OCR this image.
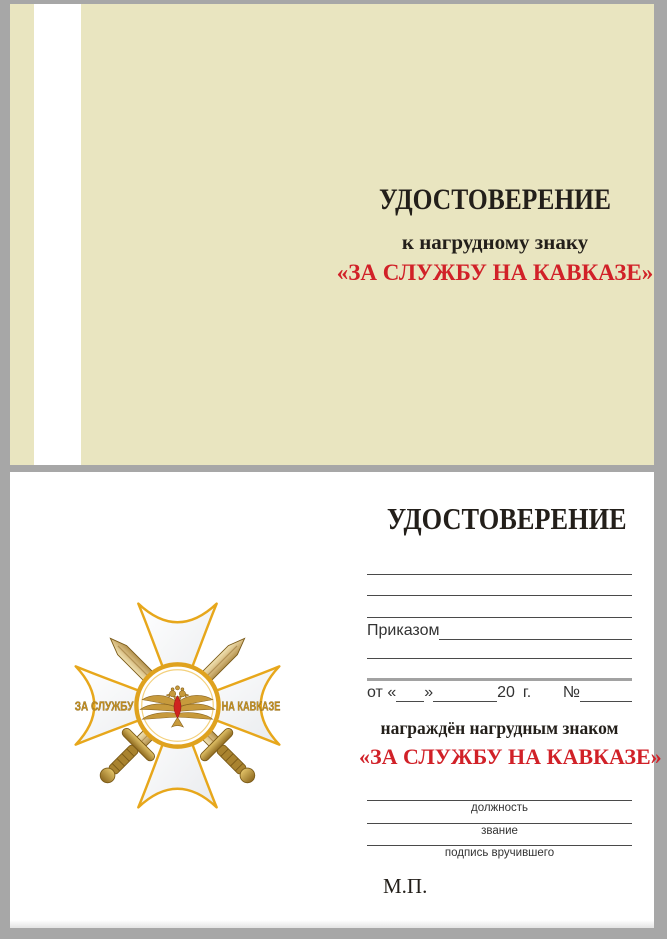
УДОСТОВЕРЕНИЕ
к нагрудному знаку
«ЗА СЛУЖБУ НА КАВКАЗЕ»
ЗА СЛУЖБУ	НА КАВКАЗЕ
УДОСТОВЕРЕНИЕ
Приказом
от « »	20 г. №
награждён нагрудным знаком
«ЗА СЛУЖБУ НА КАВКАЗЕ»
должность
звание
подпись вручившего
М.П.
